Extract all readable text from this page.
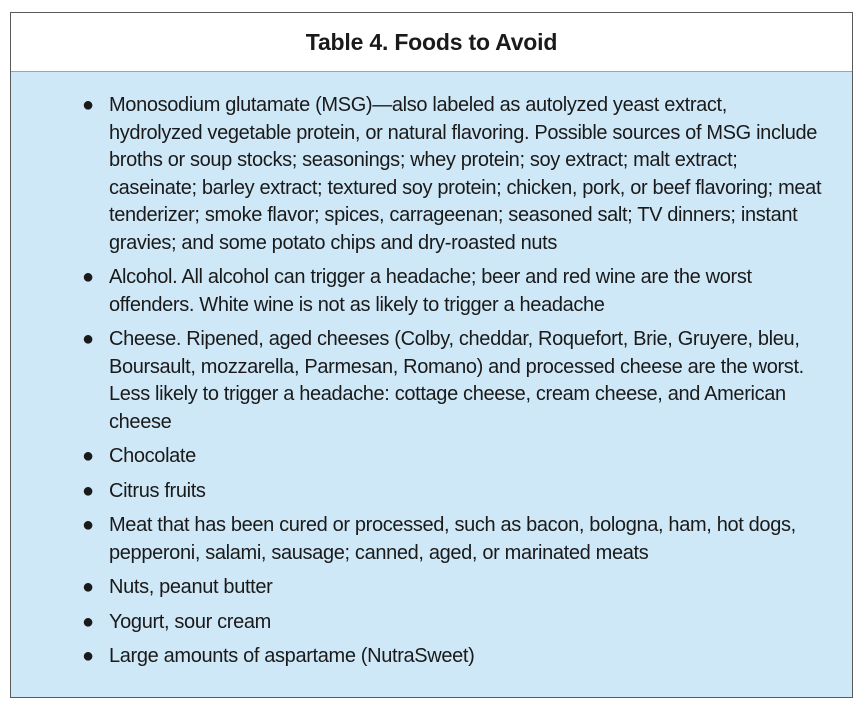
Table 4. Foods to Avoid
● Monosodium glutamate (MSG)—also labeled as autolyzed yeast extract, hydrolyzed vegetable protein, or natural flavoring. Possible sources of MSG include broths or soup stocks; seasonings; whey protein; soy extract; malt extract; caseinate; barley extract; textured soy protein; chicken, pork, or beef flavoring; meat tenderizer; smoke flavor; spices, carrageenan; seasoned salt; TV dinners; instant gravies; and some potato chips and dry-roasted nuts
● Alcohol. All alcohol can trigger a headache; beer and red wine are the worst offenders. White wine is not as likely to trigger a headache
● Cheese. Ripened, aged cheeses (Colby, cheddar, Roquefort, Brie, Gruyere, bleu, Boursault, mozzarella, Parmesan, Romano) and processed cheese are the worst. Less likely to trigger a headache: cottage cheese, cream cheese, and American cheese
● Chocolate
● Citrus fruits
● Meat that has been cured or processed, such as bacon, bologna, ham, hot dogs, pepperoni, salami, sausage; canned, aged, or marinated meats
● Nuts, peanut butter
● Yogurt, sour cream
● Large amounts of aspartame (NutraSweet)
